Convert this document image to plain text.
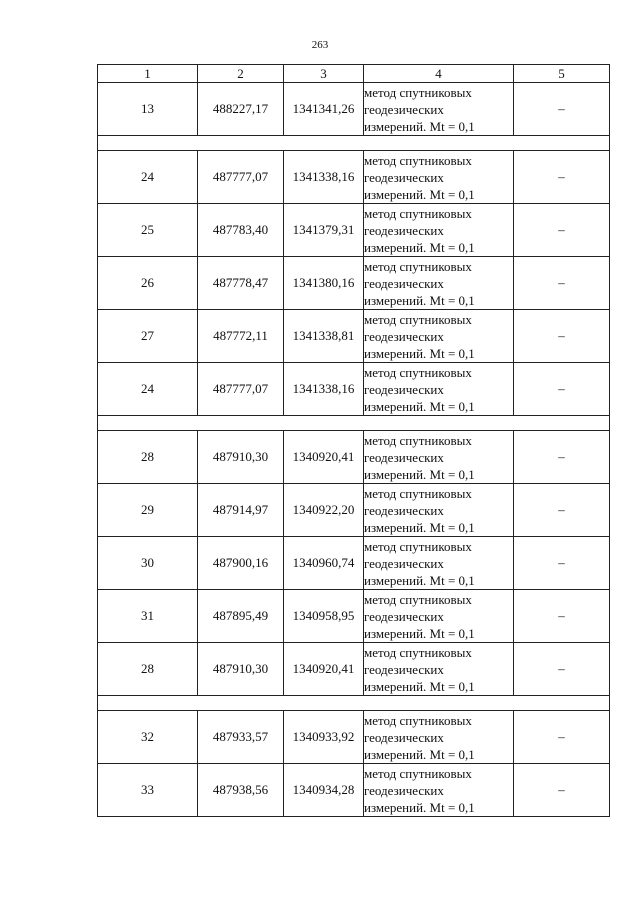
263
1	2	3	4	5
13	488227,17	1341341,26	метод спутниковых
геодезических
измерений. Mt = 0,1	–

24	487777,07	1341338,16	метод спутниковых
геодезических
измерений. Mt = 0,1	–
25	487783,40	1341379,31	метод спутниковых
геодезических
измерений. Mt = 0,1	–
26	487778,47	1341380,16	метод спутниковых
геодезических
измерений. Mt = 0,1	–
27	487772,11	1341338,81	метод спутниковых
геодезических
измерений. Mt = 0,1	–
24	487777,07	1341338,16	метод спутниковых
геодезических
измерений. Mt = 0,1	–

28	487910,30	1340920,41	метод спутниковых
геодезических
измерений. Mt = 0,1	–
29	487914,97	1340922,20	метод спутниковых
геодезических
измерений. Mt = 0,1	–
30	487900,16	1340960,74	метод спутниковых
геодезических
измерений. Mt = 0,1	–
31	487895,49	1340958,95	метод спутниковых
геодезических
измерений. Mt = 0,1	–
28	487910,30	1340920,41	метод спутниковых
геодезических
измерений. Mt = 0,1	–

32	487933,57	1340933,92	метод спутниковых
геодезических
измерений. Mt = 0,1	–
33	487938,56	1340934,28	метод спутниковых
геодезических
измерений. Mt = 0,1	–
